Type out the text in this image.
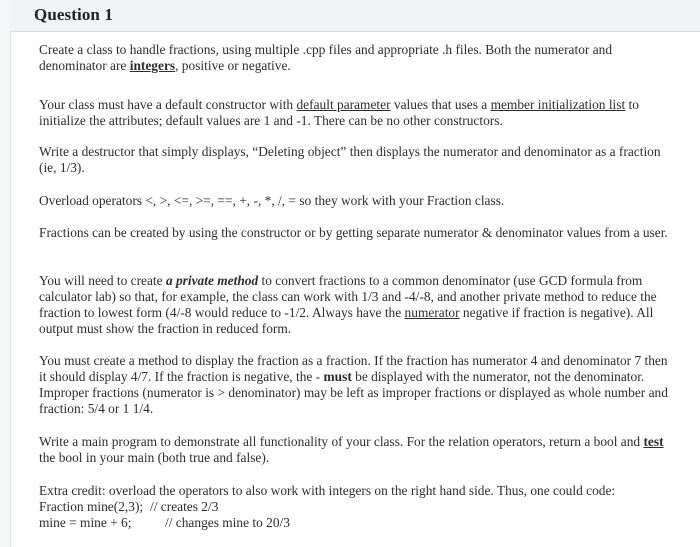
Question 1

Create a class to handle fractions, using multiple .cpp files and appropriate .h files. Both the numerator and denominator are integers, positive or negative.

Your class must have a default constructor with default parameter values that uses a member initialization list to initialize the attributes; default values are 1 and -1. There can be no other constructors.

Write a destructor that simply displays, “Deleting object” then displays the numerator and denominator as a fraction (ie, 1/3).

Overload operators <, >, <=, >=, ==, +, -, *, /, = so they work with your Fraction class.

Fractions can be created by using the constructor or by getting separate numerator & denominator values from a user.

You will need to create a private method to convert fractions to a common denominator (use GCD formula from calculator lab) so that, for example, the class can work with 1/3 and -4/-8, and another private method to reduce the fraction to lowest form (4/-8 would reduce to -1/2. Always have the numerator negative if fraction is negative). All output must show the fraction in reduced form.

You must create a method to display the fraction as a fraction. If the fraction has numerator 4 and denominator 7 then it should display 4/7. If the fraction is negative, the - must be displayed with the numerator, not the denominator. Improper fractions (numerator is > denominator) may be left as improper fractions or displayed as whole number and fraction: 5/4 or 1 1/4.

Write a main program to demonstrate all functionality of your class. For the relation operators, return a bool and test the bool in your main (both true and false).

Extra credit: overload the operators to also work with integers on the right hand side. Thus, one could code:
Fraction mine(2,3); // creates 2/3
mine = mine + 6;	// changes mine to 20/3
